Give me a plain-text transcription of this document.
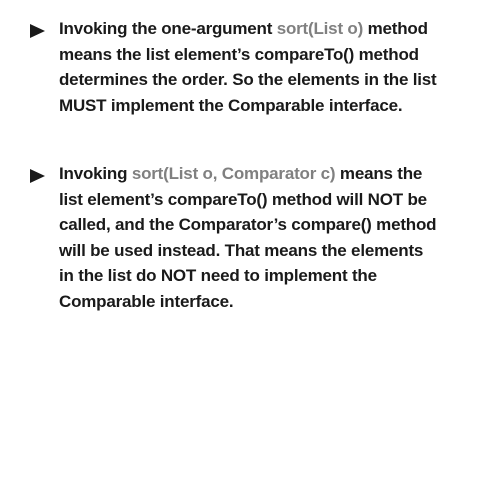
Invoking the one-argument sort(List o) method
means the list element’s compareTo() method
determines the order. So the elements in the list
MUST implement the Comparable interface.
Invoking sort(List o, Comparator c) means the
list element’s compareTo() method will NOT be
called, and the Comparator’s compare() method
will be used instead. That means the elements
in the list do NOT need to implement the
Comparable interface.
